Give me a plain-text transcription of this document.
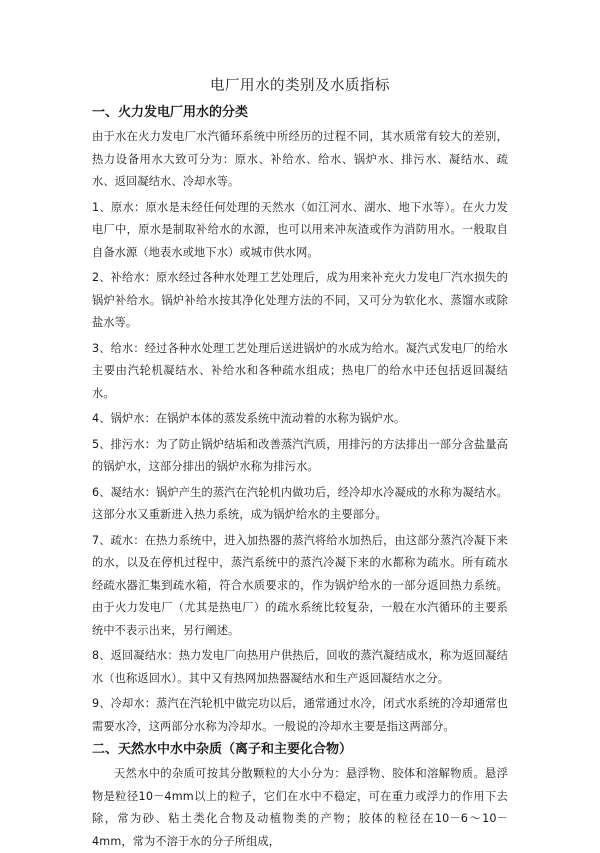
电厂用水的类别及水质指标
一、火力发电厂用水的分类
由于水在火力发电厂水汽循环系统中所经历的过程不同，其水质常有较大的差别，热力设备用水大致可分为：原水、补给水、给水、锅炉水、排污水、凝结水、疏水、返回凝结水、冷却水等。
1、原水：原水是未经任何处理的天然水（如江河水、湖水、地下水等）。在火力发电厂中，原水是制取补给水的水源，也可以用来冲灰渣或作为消防用水。一般取自自备水源（地表水或地下水）或城市供水网。
2、补给水：原水经过各种水处理工艺处理后，成为用来补充火力发电厂汽水损失的锅炉补给水。锅炉补给水按其净化处理方法的不同，又可分为软化水、蒸馏水或除盐水等。
3、给水：经过各种水处理工艺处理后送进锅炉的水成为给水。凝汽式发电厂的给水主要由汽轮机凝结水、补给水和各种疏水组成；热电厂的给水中还包括返回凝结水。
4、锅炉水：在锅炉本体的蒸发系统中流动着的水称为锅炉水。
5、排污水：为了防止锅炉结垢和改善蒸汽汽质，用排污的方法排出一部分含盐量高的锅炉水，这部分排出的锅炉水称为排污水。
6、凝结水：锅炉产生的蒸汽在汽轮机内做功后，经冷却水冷凝成的水称为凝结水。这部分水又重新进入热力系统，成为锅炉给水的主要部分。
7、疏水：在热力系统中，进入加热器的蒸汽将给水加热后，由这部分蒸汽冷凝下来的水，以及在停机过程中，蒸汽系统中的蒸汽冷凝下来的水都称为疏水。所有疏水经疏水器汇集到疏水箱，符合水质要求的，作为锅炉给水的一部分返回热力系统。由于火力发电厂（尤其是热电厂）的疏水系统比较复杂，一般在水汽循环的主要系统中不表示出来，另行阐述。
8、返回凝结水：热力发电厂向热用户供热后，回收的蒸汽凝结成水，称为返回凝结水（也称返回水）。其中又有热网加热器凝结水和生产返回凝结水之分。
9、冷却水：蒸汽在汽轮机中做完功以后，通常通过水冷，闭式水系统的冷却通常也需要水冷，这两部分水称为冷却水。一般说的冷却水主要是指这两部分。
二、天然水中水中杂质（离子和主要化合物）
天然水中的杂质可按其分散颗粒的大小分为：悬浮物、胶体和溶解物质。悬浮物是粒径10－4mm以上的粒子，它们在水中不稳定，可在重力或浮力的作用下去除，常为砂、粘土类化合物及动植物类的产物；胶体的粒径在10－6～10－4mm，常为不溶于水的分子所组成，
